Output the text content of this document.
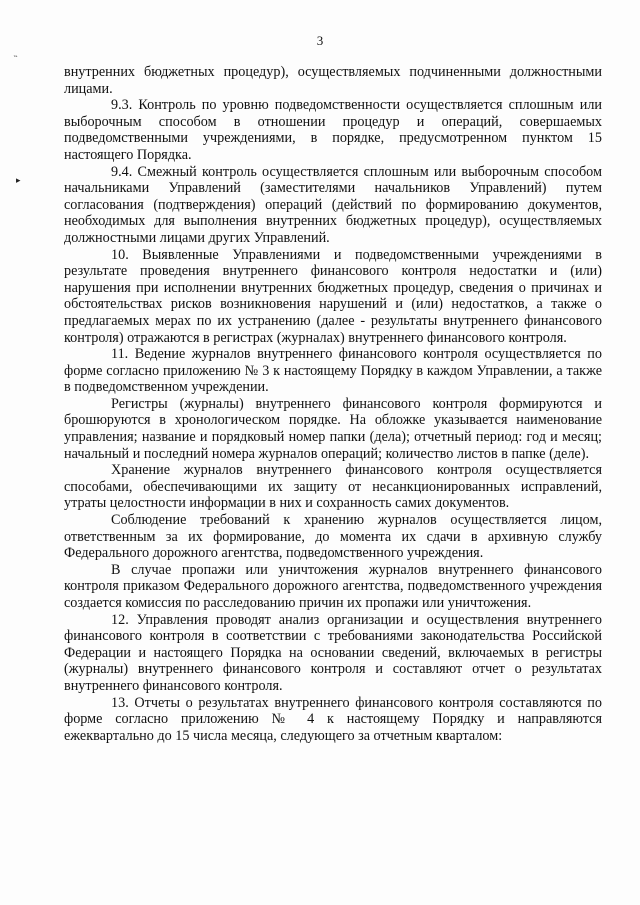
3
˵
▸

внутренних бюджетных процедур), осуществляемых подчиненными должностными лицами.

9.3. Контроль по уровню подведомственности осуществляется сплошным или выборочным способом в отношении процедур и операций, совершаемых подведомственными учреждениями, в порядке, предусмотренном пунктом 15 настоящего Порядка.

9.4. Смежный контроль осуществляется сплошным или выборочным способом начальниками Управлений (заместителями начальников Управлений) путем согласования (подтверждения) операций (действий по формированию документов, необходимых для выполнения внутренних бюджетных процедур), осуществляемых должностными лицами других Управлений.

10. Выявленные Управлениями и подведомственными учреждениями в результате проведения внутреннего финансового контроля недостатки и (или) нарушения при исполнении внутренних бюджетных процедур, сведения о причинах и обстоятельствах рисков возникновения нарушений и (или) недостатков, а также о предлагаемых мерах по их устранению (далее - результаты внутреннего финансового контроля) отражаются в регистрах (журналах) внутреннего финансового контроля.

11. Ведение журналов внутреннего финансового контроля осуществляется по форме согласно приложению № 3 к настоящему Порядку в каждом Управлении, а также в подведомственном учреждении.

Регистры (журналы) внутреннего финансового контроля формируются и брошюруются в хронологическом порядке. На обложке указывается наименование управления; название и порядковый номер папки (дела); отчетный период: год и месяц; начальный и последний номера журналов операций; количество листов в папке (деле).

Хранение журналов внутреннего финансового контроля осуществляется способами, обеспечивающими их защиту от несанкционированных исправлений, утраты целостности информации в них и сохранность самих документов.

Соблюдение требований к хранению журналов осуществляется лицом, ответственным за их формирование, до момента их сдачи в архивную службу Федерального дорожного агентства, подведомственного учреждения.

В случае пропажи или уничтожения журналов внутреннего финансового контроля приказом Федерального дорожного агентства, подведомственного учреждения создается комиссия по расследованию причин их пропажи или уничтожения.

12. Управления проводят анализ организации и осуществления внутреннего финансового контроля в соответствии с требованиями законодательства Российской Федерации и настоящего Порядка на основании сведений, включаемых в регистры (журналы) внутреннего финансового контроля и составляют отчет о результатах внутреннего финансового контроля.

13. Отчеты о результатах внутреннего финансового контроля составляются по форме согласно приложению № 4 к настоящему Порядку и направляются ежеквартально до 15 числа месяца, следующего за отчетным кварталом:
